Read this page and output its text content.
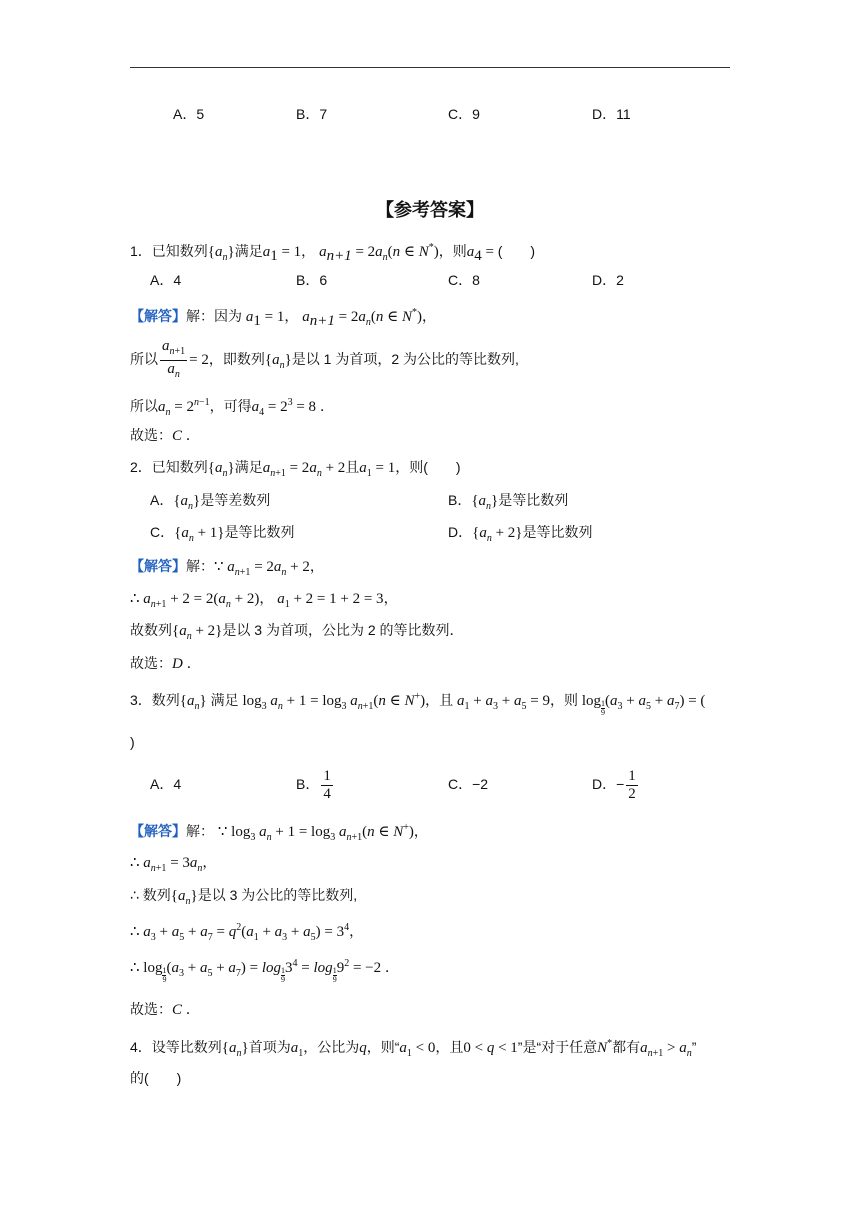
A．5	B．7	C．9	D．11
【参考答案】
1．已知数列$\{a_n\}$满足$a_1 = 1$， $a_{n+1} = 2a_n(n$ ∈ N*)，则$a_4$ = (　　)
A．4	B．6	C．8	D．2
【解答】解：因为 $a_1 = 1$， $a_{n+1} = 2a_n(n$ ∈ N*)，
所以 $\frac{a_{n+1}}{a_n} = 2$，即数列$\{a_n\}$是以 1 为首项，2 为公比的等比数列,
所以$a_n = 2^{n-1}$，可得$a_4 = 2^3 = 8$ ．
故选：C ．
2．已知数列$\{a_n\}$满足$a_{n+1} = 2a_n + 2$且$a_1 = 1$，则(　　)
A．$\{a_n\}$是等差数列	B．$\{a_n\}$是等比数列
C．$\{a_n + 1\}$是等比数列	D．$\{a_n + 2\}$是等比数列
【解答】解：∵ $a_{n+1} = 2a_n + 2$，
∴ $a_{n+1} + 2 = 2(a_n + 2)$， $a_1 + 2 = 1 + 2 = 3$，
故数列$\{a_n + 2\}$是以 3 为首项，公比为 2 的等比数列．
故选：D ．
3．数列$\{a_n\}$ 满足 $\log_3 a_n + 1 = \log_3 a_{n+1}(n$ ∈ N+)，且 $a_1 + a_3 + a_5 = 9$，则 log $_{\frac{1}{9}}$ $(a_3 + a_5 + a_7)$ = (
)
A．4	B． $\frac{1}{4}$	C．−2	D．− $\frac{1}{2}$
【解答】解： ∵ $\log_3 a_n + 1 = \log_3 a_{n+1}(n$ ∈ N+)，
∴ $a_{n+1} = 3a_n$，
∴ 数列$\{a_n\}$是以 3 为公比的等比数列,
∴ $a_3 + a_5 + a_7 = q^2(a_1 + a_3 + a_5) = 3^4$，
∴ log $_{\frac{1}{9}}$ $(a_3 + a_5 + a_7) = \log _{\frac{1}{9}}$ $3^4 = \log _{\frac{1}{9}}$ $9^2 = -2$ ．
故选：C ．
4．设等比数列$\{a_n\}$首项为$a_1$，公比为q，则“$a_1 < 0$，且0 < q < 1”是“对于任意N*都有$a_{n+1} > a_n$”
的(　　)
